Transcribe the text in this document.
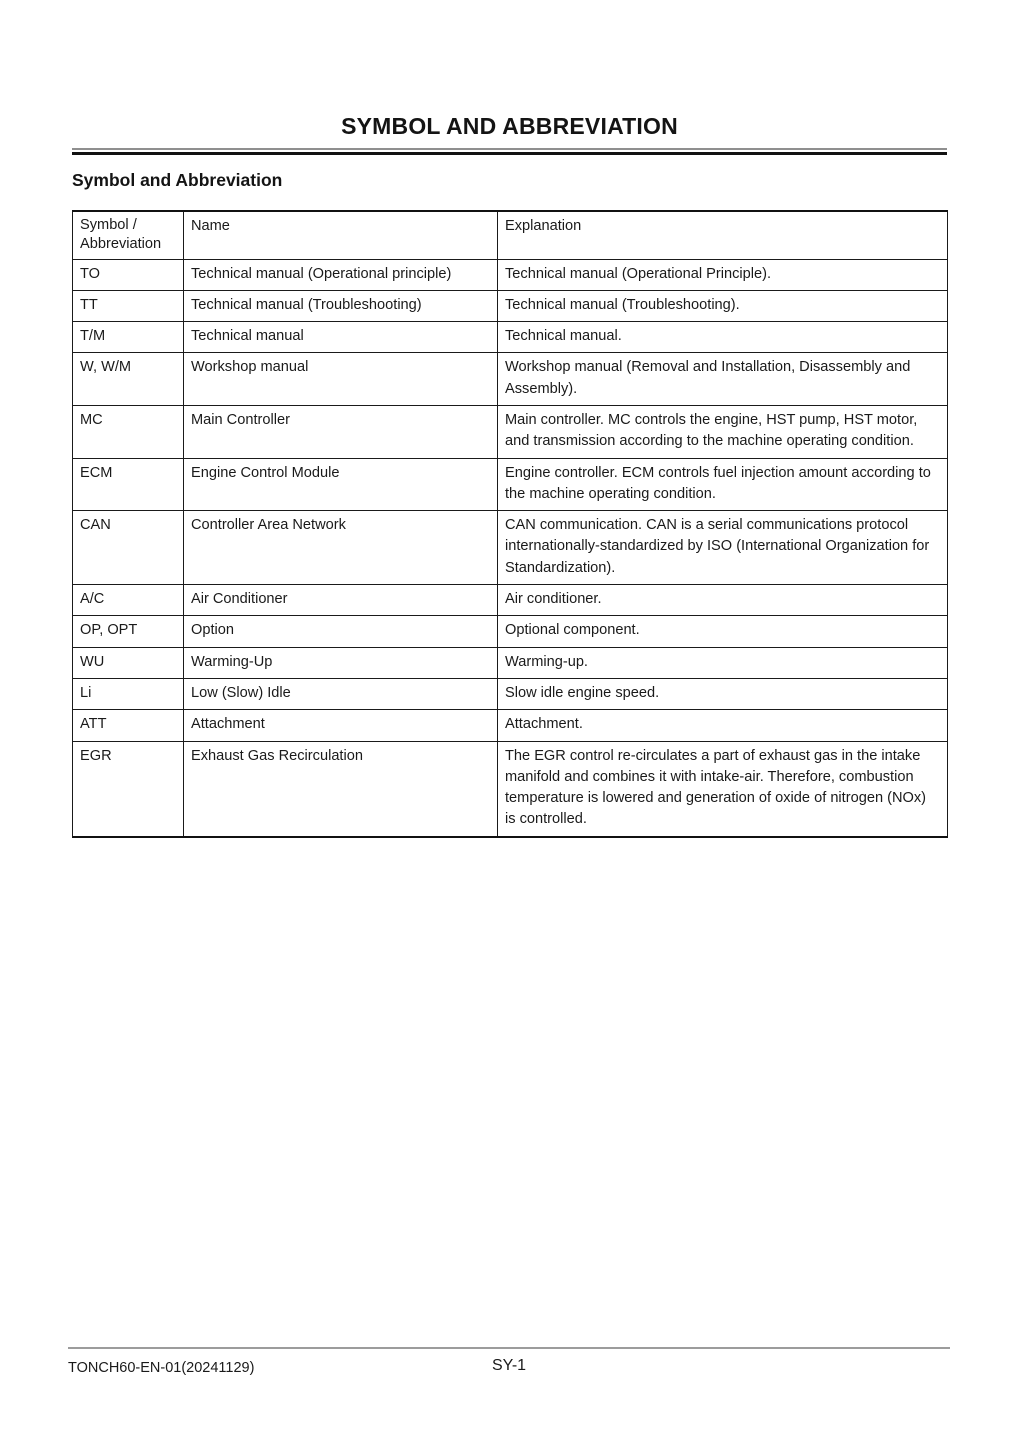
SYMBOL AND ABBREVIATION
Symbol and Abbreviation
Symbol /
Abbreviation	Name	Explanation
TO	Technical manual (Operational principle)	Technical manual (Operational Principle).
TT	Technical manual (Troubleshooting)	Technical manual (Troubleshooting).
T/M	Technical manual	Technical manual.
W, W/M	Workshop manual	Workshop manual (Removal and Installation, Disassembly and Assembly).
MC	Main Controller	Main controller. MC controls the engine, HST pump, HST motor, and transmission according to the machine operating condition.
ECM	Engine Control Module	Engine controller. ECM controls fuel injection amount according to the machine operating condition.
CAN	Controller Area Network	CAN communication. CAN is a serial communications protocol internationally-standardized by ISO (International Organization for Standardization).
A/C	Air Conditioner	Air conditioner.
OP, OPT	Option	Optional component.
WU	Warming-Up	Warming-up.
Li	Low (Slow) Idle	Slow idle engine speed.
ATT	Attachment	Attachment.
EGR	Exhaust Gas Recirculation	The EGR control re-circulates a part of exhaust gas in the intake manifold and combines it with intake-air. Therefore, combustion temperature is lowered and generation of oxide of nitrogen (NOx) is controlled.
TONCH60-EN-01(20241129)	SY-1
